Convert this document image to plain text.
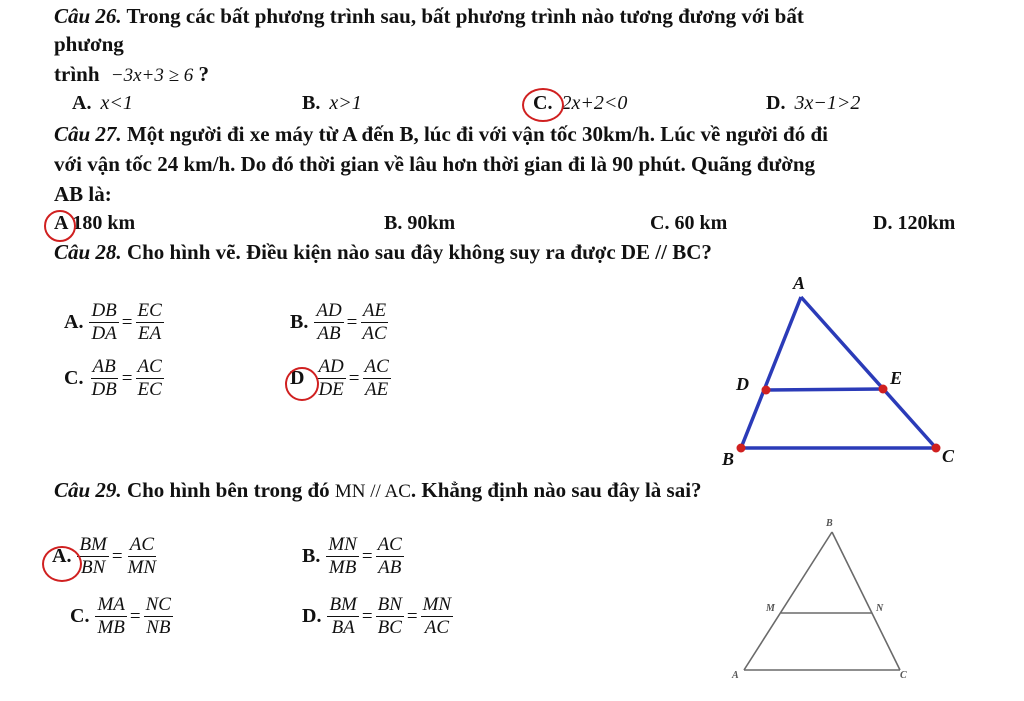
Câu 26. Trong các bất phương trình sau, bất phương trình nào tương đương với bất
phương
trình −3x+3 ≥ 6 ?
A. x<1	B. x>1	C. 2x+2<0	D. 3x−1>2
Câu 27. Một người đi xe máy từ A đến B, lúc đi với vận tốc 30km/h. Lúc về người đó đi
với vận tốc 24 km/h. Do đó thời gian về lâu hơn thời gian đi là 90 phút. Quãng đường
AB là:
A 180 km	B. 90km	C. 60 km	D. 120km
Câu 28. Cho hình vẽ. Điều kiện nào sau đây không suy ra được DE // BC?
A. $\frac{DB}{DA} = \frac{EC}{EA}$	B. $\frac{AD}{AB} = \frac{AE}{AC}$
C. $\frac{AB}{DB} = \frac{AC}{EC}$	D $\frac{AD}{DE} = \frac{AC}{AE}$
A
B	C
D	E
Câu 29. Cho hình bên trong đó MN // AC. Khẳng định nào sau đây là sai?
A. $\frac{BM}{BN} = \frac{AC}{MN}$	B. $\frac{MN}{MB} = \frac{AC}{AB}$
C. $\frac{MA}{MB} = \frac{NC}{NB}$	D. $\frac{BM}{BA} = \frac{BN}{BC} = \frac{MN}{AC}$
B
A	C
M	N
